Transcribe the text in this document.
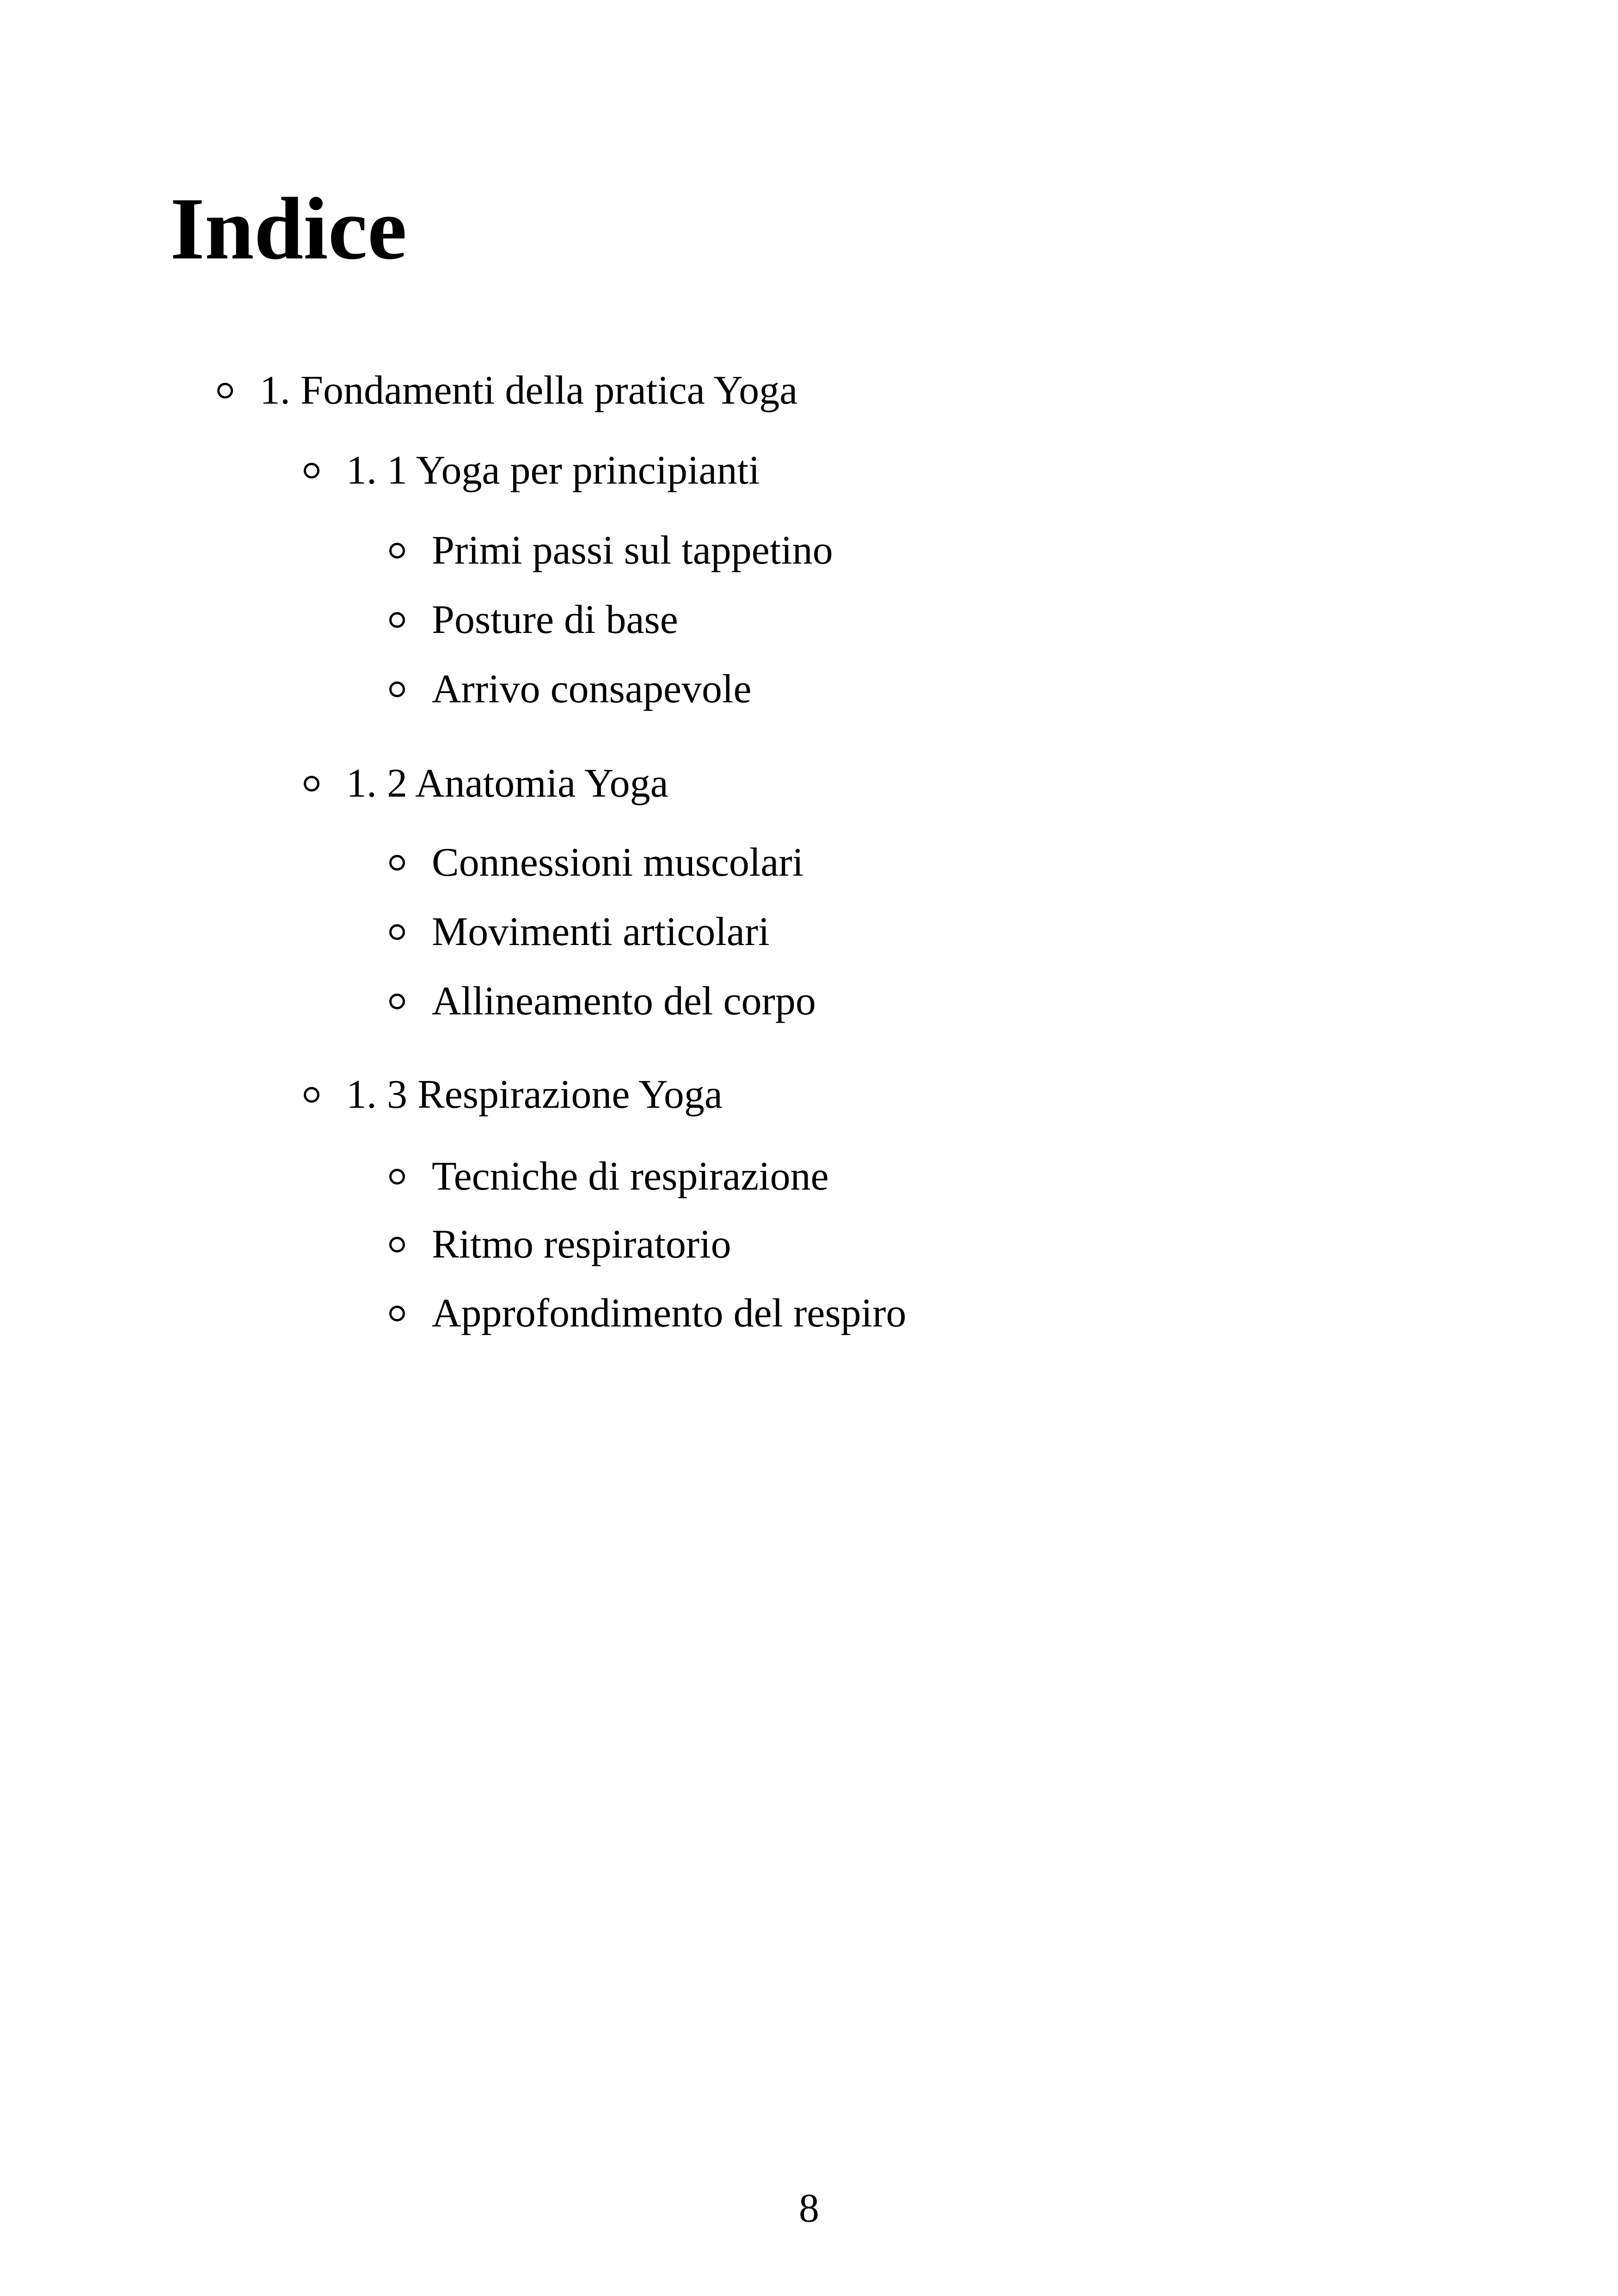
Indice
1. Fondamenti della pratica Yoga
1. 1 Yoga per principianti
Primi passi sul tappetino
Posture di base
Arrivo consapevole
1. 2 Anatomia Yoga
Connessioni muscolari
Movimenti articolari
Allineamento del corpo
1. 3 Respirazione Yoga
Tecniche di respirazione
Ritmo respiratorio
Approfondimento del respiro
8
